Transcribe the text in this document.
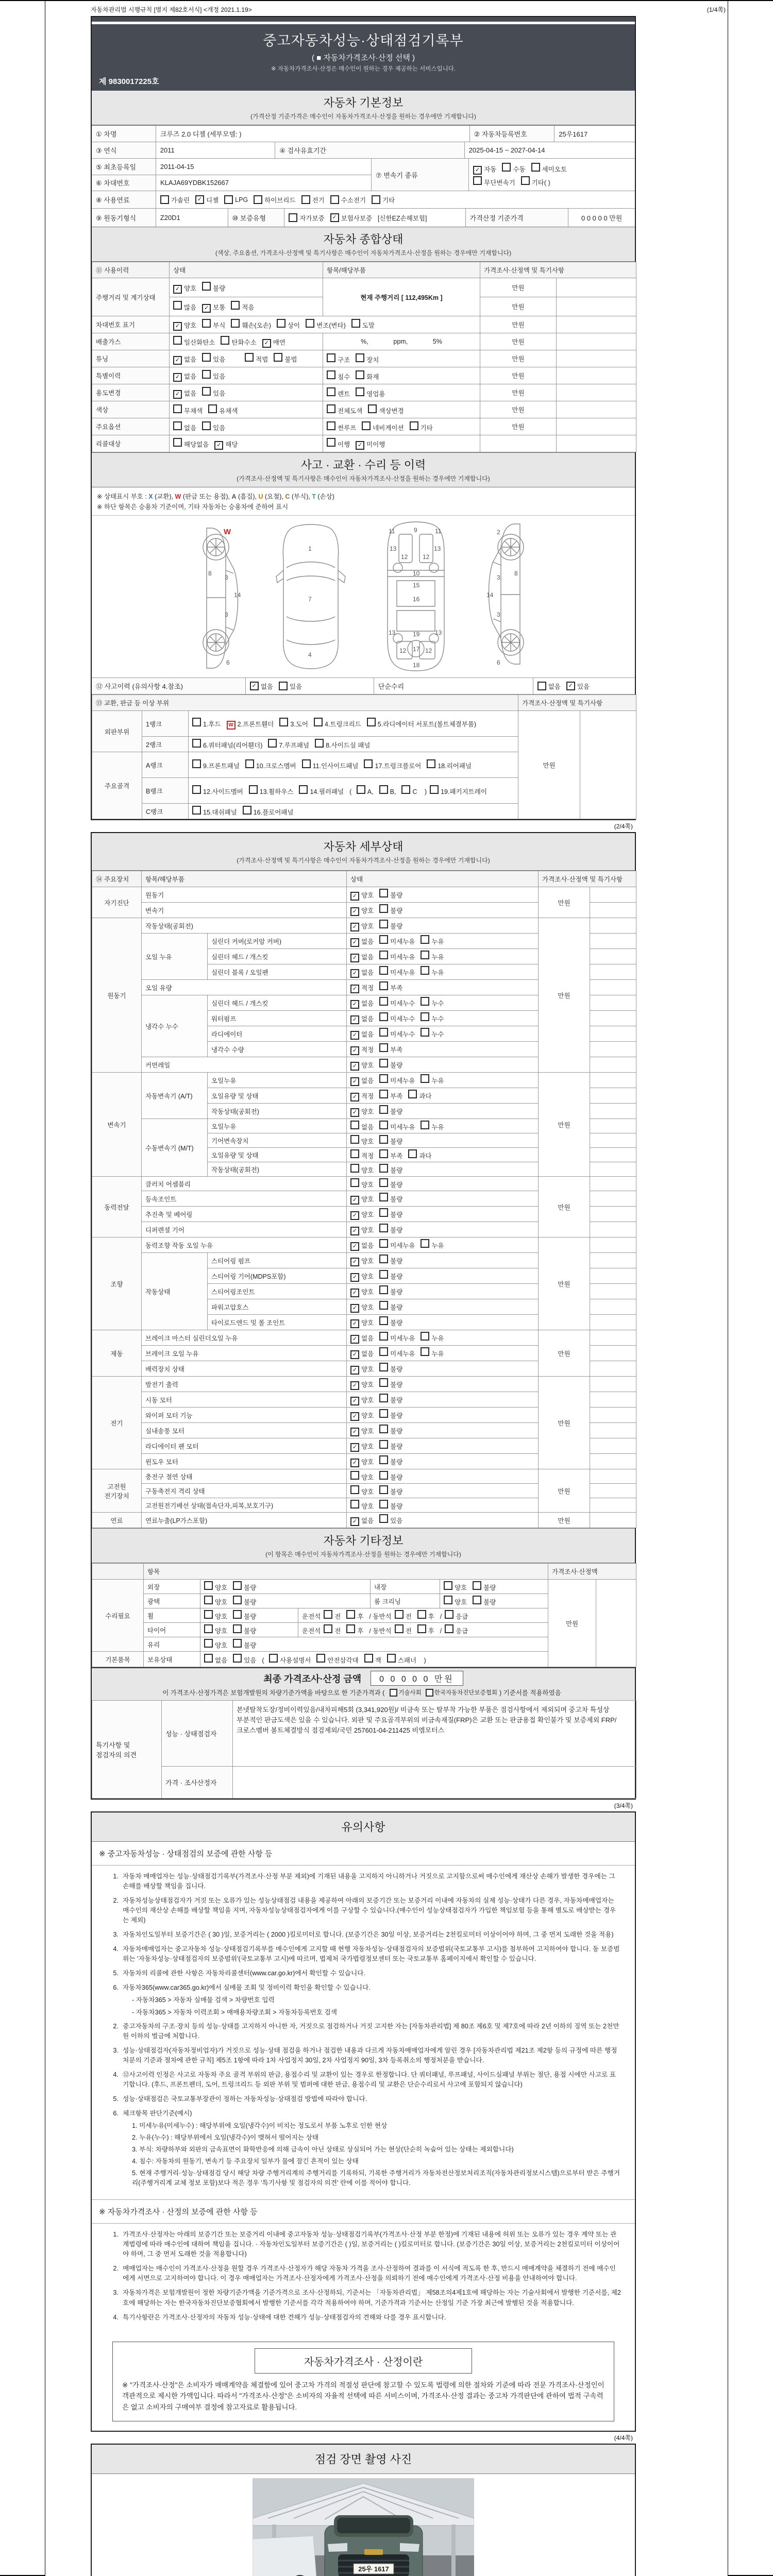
자동차관리법 시행규칙 [별지 제82호서식] <개정 2021.1.19>	(1/4쪽)
중고자동차성능·상태점검기록부
( ■ 자동차가격조사·산정 선택 )
※ 자동차가격조사·산정은 매수인이 원하는 경우 제공하는 서비스입니다.
제 9830017225호
자동차 기본정보
(가격산정 기준가격은 매수인이 자동차가격조사·산정을 원하는 경우에만 기재합니다)
① 차명	크루즈 2.0 디젤 (세부모델: )	② 자동차등록번호	25우1617
③ 연식	2011	④ 검사유효기간	2025-04-15 ~ 2027-04-14
⑤ 최초등록일	2011-04-15
⑥ 차대번호	KLAJA69YDBK152667
⑦ 변속기 종류
✓ 자동	수동	세미오토
무단변속기	기타( )
⑧ 사용연료	가솔린	✓ 디젤	LPG	하이브리드	전기	수소전기	기타
⑨ 원동기형식	Z20D1	⑩ 보증유형	자가보증	✓ 보험사보증 [신한EZ손해보험]	가격산정 기준가격	0 0 0 0 0 만원
자동차 종합상태
(색상, 주요옵션, 가격조사·산정액 및 특기사항은 매수인이 자동차가격조사·산정을 원하는 경우에만 기재합니다)
⑪ 사용이력	상태	항목/해당부품	가격조사·산정액 및 특기사항	
주행거리 및 계기상태	✓ 양호 불량	현재 주행거리 [ 112,495Km ]	만원	
	많음 ✓ 보통 적음		만원	
차대번호 표기	✓ 양호 부식 훼손(오손) 상이 변조(변타) 도말		만원	
배출가스	일산화탄소 탄화수소 ✓ 매연	%,              ppm,              5%	만원	
튜닝	✓ 없음 있음 적법 불법	구조 장치	만원	
특별이력	✓ 없음 있음	침수 화재	만원	
용도변경	✓ 없음 있음	렌트 영업용	만원	
색상	무채색 유채색	전체도색 색상변경	만원	
주요옵션	없음 있음	썬루프 네비게이션 기타	만원	
리콜대상	해당없음 ✓ 해당	이행 ✓ 미이행		
사고 · 교환 · 수리 등 이력
(가격조사·산정액 및 특기사항은 매수인이 자동차가격조사·산정을 원하는 경우에만 기재합니다)
※ 상태표시 부호 : X (교환), W (판금 또는 용접), A (흠집), U (요철), C (부식), T (손상)
※ 하단 항목은 승용차 기준이며, 기타 자동차는 승용차에 준하여 표시
W
8
3
14
3
6
1
7
4
11	11
9
13	13
12 12
10
15
16
13	13
19
12	12
17
18
2
8
3
14
3
6
⑫ 사고이력 (유의사항 4.참조)	✓ 없음	있음	단순수리	없음	✓ 있음
⑬ 교환, 판금 등 이상 부위			가격조사·산정액 및 특기사항	
외판부위	1랭크	1.후드 W 2.프론트휀더 3.도어 4.트렁크리드 5.라디에이터 서포트(볼트체결부품)	만원	
	2랭크	6.쿼터패널(리어휀더) 7.루프패널 8.사이드실 패널		
주요골격	A랭크	9.프론트패널 10.크로스멤버 11.인사이드패널 17.트렁크플로어 18.리어패널		
	B랭크	12.사이드멤버 13.휠하우스 14.필러패널 ( A, B, C ) 19.패키지트레이		
	C랭크	15.대쉬패널 16.플로어패널		
(2/4쪽)
자동차 세부상태
(가격조사·산정액 및 특기사항은 매수인이 자동차가격조사·산정을 원하는 경우에만 기재합니다)
⑭ 주요장치	항목/해당부품		상태	가격조사·산정액 및 특기사항	
자기진단	원동기		✓ 양호 불량	만원	
	변속기		✓ 양호 불량		
원동기	작동상태(공회전)		✓ 양호 불량	만원	
	오일 누유	실린더 커버(로커암 커버)	✓ 없음 미세누유 누유		
		실린더 헤드 / 개스킷	✓ 없음 미세누유 누유		
		실린더 블록 / 오일팬	✓ 없음 미세누유 누유		
	오일 유량		✓ 적정 부족		
	냉각수 누수	실린더 헤드 / 개스킷	✓ 없음 미세누수 누수		
		워터펌프	✓ 없음 미세누수 누수		
		라디에이터	✓ 없음 미세누수 누수		
		냉각수 수량	✓ 적정 부족		
	커먼레일		✓ 양호 불량		
변속기	자동변속기 (A/T)	오일누유	✓ 없음 미세누유 누유	만원	
		오일유량 및 상태	✓ 적정 부족 과다		
		작동상태(공회전)	✓ 양호 불량		
	수동변속기 (M/T)	오일누유	없음 미세누유 누유		
		기어변속장치	양호 불량		
		오일유량 및 상태	적정 부족 과다		
		작동상태(공회전)	양호 불량		
동력전달	클러치 어셈블리		양호 불량	만원	
	등속조인트		✓ 양호 불량		
	추진축 및 베어링		✓ 양호 불량		
	디퍼렌셜 기어		✓ 양호 불량		
조향	동력조향 작동 오일 누유		✓ 없음 미세누유 누유	만원	
	작동상태	스티어링 펌프	✓ 양호 불량		
		스티어링 기어(MDPS포함)	✓ 양호 불량		
		스티어링조인트	✓ 양호 불량		
		파워고압호스	✓ 양호 불량		
		타이로드엔드 및 볼 조인트	✓ 양호 불량		
제동	브레이크 마스터 실린더오일 누유		✓ 없음 미세누유 누유	만원	
	브레이크 오일 누유		✓ 없음 미세누유 누유		
	배력장치 상태		✓ 양호 불량		
전기	발전기 출력		✓ 양호 불량	만원	
	시동 모터		✓ 양호 불량		
	와이퍼 모터 기능		✓ 양호 불량		
	실내송풍 모터		✓ 양호 불량		
	라디에이터 팬 모터		✓ 양호 불량		
	윈도우 모터		✓ 양호 불량		
고전원 전기장치	충전구 절연 상태		양호 불량	만원	
	구동축전지 격리 상태		양호 불량		
	고전원전기배선 상태(접속단자,피복,보호기구)		양호 불량		
연료	연료누출(LP가스포함)		✓ 없음 있음	만원	
자동차 기타정보
(이 항목은 매수인이 자동차가격조사·산정을 원하는 경우에만 기재합니다)
	항목					가격조사·산정액	
수리필요	외장	양호 불량		내장	양호 불량	만원	
	광택	양호 불량		룸 크리닝	양호 불량		
	휠	양호 불량	운전석 전 후 / 동반석 전 후 / 응급				
	타이어	양호 불량	운전석 전 후 / 동반석 전 후 / 응급				
	유리	양호 불량					
기본품목	보유상태	없음 있음 ( 사용설명서 안전삼각대 잭 스패너 )					
최종 가격조사·산정 금액	0 0 0 0 0 만원
이 가격조사·산정가격은 보험개발원의 차량기준가액을 바탕으로 한 기준가격과 ( 기술사회 한국자동차진단보증협회 ) 기준서를 적용하였음
특기사항 및 점검자의 의견	성능 · 상태점검자	본넷탈착도장/정비이력있음/내차피해5회 (3,341,920원)/ 비금속 또는 탈부착 가능한 부품은 점검사항에서 제외되며 중고차 특성상 부분적인 판금도색은 있을 수 있습니다. 외판 및 주요골격부위의 비금속재질(FRP)은 교환 또는 판금용접 확인불가 및 보증제외 FRP/크로스멤버 볼트체결방식 점검제외/국민 257601-04-211425 비엠모터스
	가격 · 조사산정자	
(3/4쪽)
유의사항
※ 중고자동차성능 · 상태점검의 보증에 관한 사항 등
1. 자동차 매매업자는 성능·상태점검기록부(가격조사·산정 부분 제외)에 기재된 내용을 고지하지 아니하거나 거짓으로 고지함으로써 매수인에게 재산상 손해가 발생한 경우에는 그 손해를 배상할 책임을 집니다.
2. 자동차성능상태점검자가 거짓 또는 오류가 있는 성능상태점검 내용을 제공하여 아래의 보증기간 또는 보증거리 이내에 자동차의 실제 성능·상태가 다른 경우, 자동차매매업자는 매수인의 재산상 손해를 배상할 책임을 지며, 자동차성능상태점검자에게 이를 구상할 수 있습니다.(매수인이 성능상태점검자가 가입한 책임보험 등을 통해 별도로 배상받는 경우는 제외)
3. 자동차인도일부터 보증기간은 ( 30 )일, 보증거리는 ( 2000 )킬로미터로 합니다. (보증기간은 30일 이상, 보증거리는 2천킬로미터 이상이어야 하며, 그 중 먼저 도래한 것을 적용)
4. 자동차매매업자는 중고자동차 성능·상태점검기록부를 매수인에게 고지할 때 현행 자동차성능·상태점검자의 보증범위(국토교통부 고시)를 첨부하여 고지하여야 합니다. 동 보증범위는 '자동차성능·상태점검자의 보증범위'(국토교통부 고시)에 따르며, 법제처 국가법령정보센터 또는 국토교통부 홈페이지에서 확인할 수 있습니다.
5. 자동차의 리콜에 관한 사항은 자동차리콜센터(www.car.go.kr)에서 확인할 수 있습니다.
6. 자동차365(www.car365.go.kr)에서 실매물 조회 및 정비이력 확인을 확인할 수 있습니다.
- 자동차365 > 자동차 실매물 검색 > 차량번호 입력
- 자동차365 > 자동차 이력조회 > 매매용차량조회 > 자동차등록번호 검색
2. 중고자동차의 구조·장치 등의 성능·상태를 고지하지 아니한 자, 거짓으로 점검하거나 거짓 고지한 자는 [자동차관리법] 제 80조 제6호 및 제7호에 따라 2년 이하의 징역 또는 2천만원 이하의 벌금에 처합니다.
3. 성능·상태점검자(자동차정비업자)가 거짓으로 성능·상태 점검을 하거나 점검한 내용과 다르게 자동차매매업자에게 알린 경우 [자동차관리법 제21조 제2항 등의 규정에 따른 행정처분의 기준과 절차에 관한 규칙] 제5조 1항에 따라 1차 사업정지 30일, 2차 사업정지 90일, 3차 등록취소의 행정처분을 받습니다.
4. ⑫사고이력 인정은 사고로 자동차 주요 골격 부위의 판금, 용접수리 및 교환이 있는 경우로 한정합니다. 단 쿼터패널, 루프패널, 사이드실패널 부위는 절단, 용접 시에만 사고로 표기합니다. (후드, 프론트펜더, 도어, 트렁크리드 등 외판 부위 및 범퍼에 대한 판금, 용접수리 및 교환은 단순수리로서 사고에 포함되지 않습니다)
5. 성능·상태점검은 국토교통부장관이 정하는 자동차성능·상태점검 방법에 따라야 합니다.
6. 체크항목 판단기준(예시)
1. 미세누유(미세누수) : 해당부위에 오일(냉각수)이 비치는 정도로서 부품 노후로 인한 현상
2. 누유(누수) : 해당부위에서 오일(냉각수)이 맺혀서 떨어지는 상태
3. 부식: 차량하부와 외판의 금속표면이 화학반응에 의해 금속이 아닌 상태로 상실되어 가는 현상(단순히 녹슬어 있는 상태는 제외합니다)
4. 침수: 자동차의 원동기, 변속기 등 주요장치 일부가 물에 잠긴 흔적이 있는 상태
5. 현재 주행거리·성능·상태점검 당시 해당 차량 주행거리계의 주행거리를 기록하되, 기록한 주행거리가 자동차전산정보처리조직(자동차관리정보시스템)으로부터 받은 주행거리(주행거리계 교체 정보 포함)보다 적은 경우 '특기사항 및 점검자의 의견' 란에 이를 적어야 합니다.
※ 자동차가격조사 · 산정의 보증에 관한 사항 등
1. 가격조사·산정자는 아래의 보증기간 또는 보증거리 이내에 중고자동차 성능·상태점검기록부(가격조사·산정 부분 한정)에 기재된 내용에 허위 또는 오류가 있는 경우 계약 또는 관계법령에 따라 매수인에 대하여 책임을 집니다. · 자동차인도일부터 보증기간은 ( )일, 보증거리는 ( )킬로미터로 합니다. (보증기간은 30일 이상, 보증거리는 2천킬로미터 이상이어야 하며, 그 중 먼저 도래한 것을 적용합니다)
2. 매매업자는 매수인이 가격조사·산정을 원할 경우 가격조사·산정자가 해당 자동차 가격을 조사·산정하여 결과를 이 서식에 적도록 한 후, 반드시 매매계약을 체결하기 전에 매수인에게 서면으로 고지하여야 합니다. 이 경우 매매업자는 가격조사·산정자에게 가격조사·산정을 의뢰하기 전에 매수인에게 가격조사·산정 비용을 안내하여야 합니다.
3. 자동차가격은 보험개발원이 정한 차량기준가액을 기준가격으로 조사·산정하되, 기준서는 「자동차관리법」 제58조의4제1호에 해당하는 자는 기술사회에서 발행한 기준서를, 제2호에 해당하는 자는 한국자동차진단보증협회에서 발행한 기준서를 각각 적용하여야 하며, 기준가격과 기준서는 산정일 기준 가장 최근에 발행된 것을 적용합니다.
4. 특기사항란은 가격조사·산정자의 자동차 성능·상태에 대한 견해가 성능·상태점검자의 견해와 다를 경우 표시합니다.
자동차가격조사 · 산정이란
※ "가격조사·산정"은 소비자가 매매계약을 체결함에 있어 중고차 가격의 적절성 판단에 참고할 수 있도록 법령에 의한 절차와 기준에 따라 전문 가격조사·산정인이 객관적으로 제시한 가액입니다. 따라서 "가격조사·산정"은 소비자의 자율적 선택에 따른 서비스이며, 가격조사·산정 결과는 중고차 가격판단에 관하여 법적 구속력은 없고 소비자의 구매여부 결정에 참고자료로 활용됩니다.
(4/4쪽)
점검 장면 촬영 사진
25우 1617
